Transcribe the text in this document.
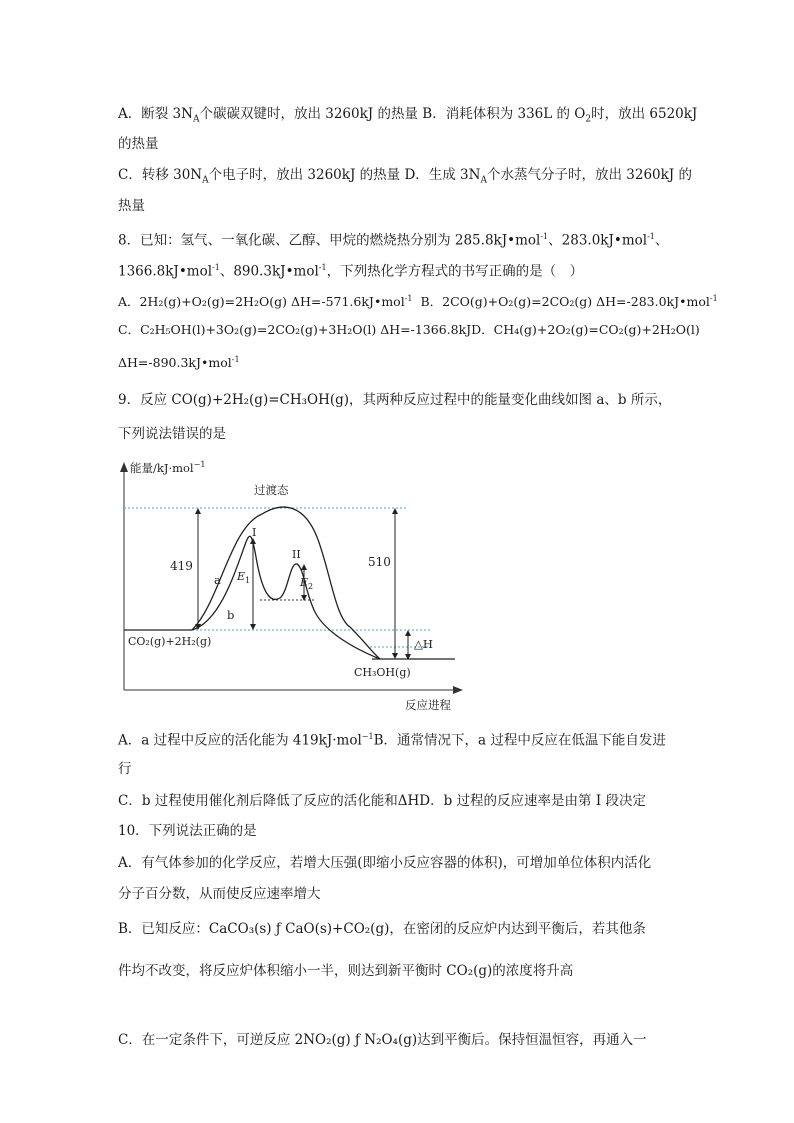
A．断裂 $3N_A$个碳碳双键时，放出 3260kJ 的热量 B．消耗体积为 336L 的 $O_2$时，放出 6520kJ
的热量
C．转移 $30N_A$个电子时，放出 3260kJ 的热量 D．生成 $3N_A$个水蒸气分子时，放出 3260kJ 的
热量
8．已知：氢气、一氧化碳、乙醇、甲烷的燃烧热分别为 285.8kJ•mol$^{-1}$、283.0kJ•mol$^{-1}$、
1366.8kJ•mol$^{-1}$、890.3kJ•mol$^{-1}$，下列热化学方程式的书写正确的是（　）
A．2H₂(g)+O₂(g)=2H₂O(g) ΔH=-571.6kJ•mol$^{-1}$ B．2CO(g)+O₂(g)=2CO₂(g) ΔH=-283.0kJ•mol$^{-1}$
C．C₂H₅OH(l)+3O₂(g)=2CO₂(g)+3H₂O(l) ΔH=-1366.8kJD．CH₄(g)+2O₂(g)=CO₂(g)+2H₂O(l)
ΔH=-890.3kJ•mol$^{-1}$
9．反应 CO(g)+2H₂(g)=CH₃OH(g)，其两种反应过程中的能量变化曲线如图 a、b 所示，
下列说法错误的是
能量/kJ·mol$^{-1}$
反应进程
419	510
$E_1$	$E_2$
△H
过渡态
I
II
a
b
CO₂(g)+2H₂(g)
CH₃OH(g)
A．a 过程中反应的活化能为 419kJ·mol$^{-1}$B．通常情况下，a 过程中反应在低温下能自发进
行
C．b 过程使用催化剂后降低了反应的活化能和ΔHD．b 过程的反应速率是由第 I 段决定
10．下列说法正确的是
A．有气体参加的化学反应，若增大压强(即缩小反应容器的体积)，可增加单位体积内活化
分子百分数，从而使反应速率增大
B．已知反应：CaCO₃(s) ƒ CaO(s)+CO₂(g)，在密闭的反应炉内达到平衡后，若其他条
件均不改变，将反应炉体积缩小一半，则达到新平衡时 CO₂(g)的浓度将升高
C．在一定条件下，可逆反应 2NO₂(g) ƒ N₂O₄(g)达到平衡后。保持恒温恒容，再通入一
